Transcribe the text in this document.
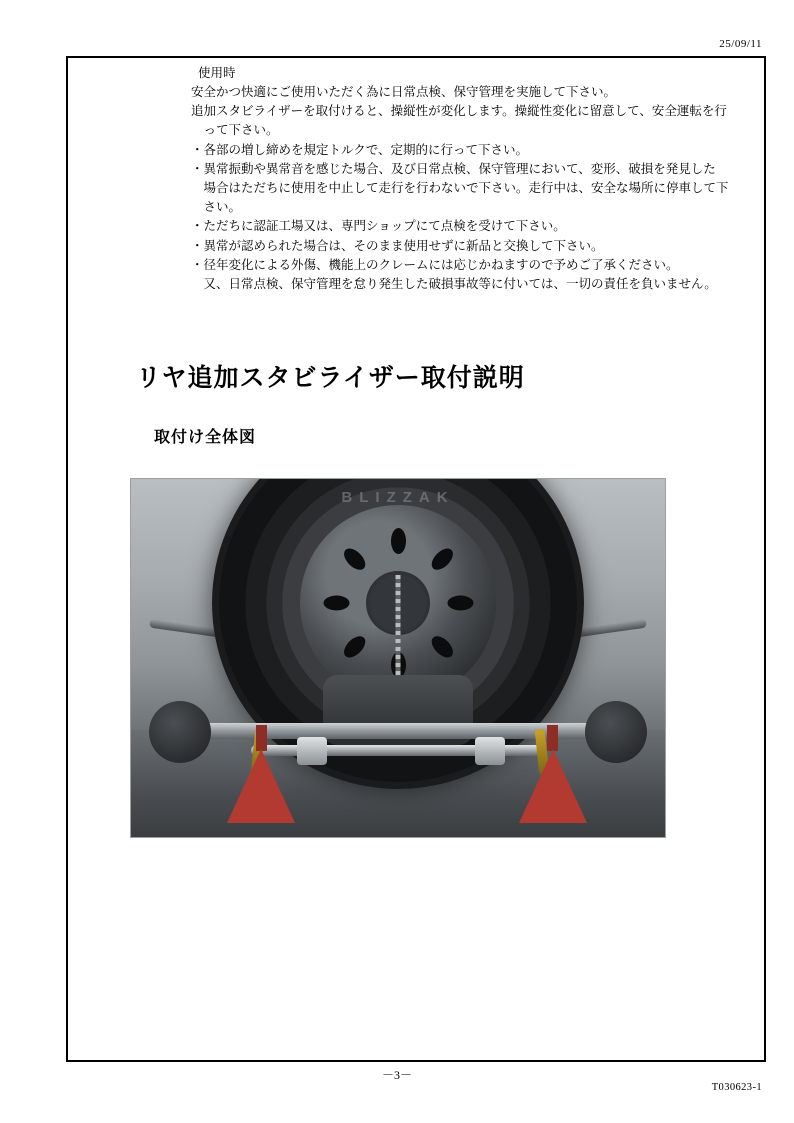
25/09/11
使用時
安全かつ快適にご使用いただく為に日常点検、保守管理を実施して下さい。
追加スタビライザーを取付けると、操縦性が変化します。操縦性変化に留意して、安全運転を行
って下さい。
・各部の増し締めを規定トルクで、定期的に行って下さい。
・異常振動や異常音を感じた場合、及び日常点検、保守管理において、変形、破損を発見した
場合はただちに使用を中止して走行を行わないで下さい。走行中は、安全な場所に停車して下
さい。
・ただちに認証工場又は、専門ショップにて点検を受けて下さい。
・異常が認められた場合は、そのまま使用せずに新品と交換して下さい。
・径年変化による外傷、機能上のクレームには応じかねますので予めご了承ください。
又、日常点検、保守管理を怠り発生した破損事故等に付いては、一切の責任を負いません。
リヤ追加スタビライザー取付説明
取付け全体図
BLIZZAK
－3－
T030623-1
